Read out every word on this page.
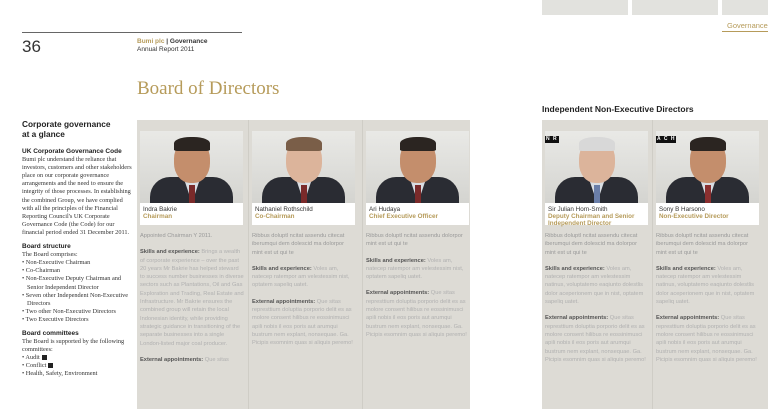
Governance
36	Bumi plc | Governance
Annual Report 2011
Board of Directors
Independent Non-Executive Directors
Corporate governance
at a glance
UK Corporate Governance Code
Bumi plc understand the reliance that investors, customers and other stakeholders place on our corporate governance arrangements and the need to ensure the integrity of those processes. In establishing the combined Group, we have complied with all the principles of the Financial Reporting Council's UK Corporate Governance Code (the Code) for our financial period ended 31 December 2011.
Board structure
The Board comprises:
• Non-Executive Chairman
• Co-Chairman
• Non-Executive Deputy Chairman and Senior Independent Director
• Seven other Independent Non-Executive Directors
• Two other Non-Executive Directors
• Two Executive Directors
Board committees
The Board is supported by the following committees:
• Audit
• Conflict
• Health, Safety, Environment
Indra Bakrie
Chairman

Appointed Chairman Y 2011.

Skills and experience: Brings a wealth of corporate experience – over the past 20 years Mr Bakrie has helped steward to success number businesses in diverse sectors such as Plantations, Oil and Gas Exploration and Trading, Real Estate and Infrastructure. Mr Bakrie ensures the combined group will retain the local Indonesian identity, while providing strategic guidance in transitioning of the separate businesses into a single London-listed major coal producer.

External appointments: Que sitas

Nathaniel Rothschild
Co-Chairman

Ribbus doluptl ncitat assendu citecat iberumqui dem dolescid ma dolorpor mint est ut qui te

Skills and experience: Voles am, natecep ratempor am velestessim nist, optatem sapeliq uatet.

External appointments: Que sitas represttium doluptia porporio delit es as molore consent hilibus re eossinimusci apili nobis il eos poris aut arumqui bustrum nem explant, nonsequae. Ga. Picipis esomnim quas si aliquis peremo!

Ari Hudaya
Chief Executive Officer

Ribbus doluptl ncitat assendu dolorpor mint est ut qui te

Skills and experience: Voles am, natecep ratempor am velestessim nist, optatem sapeliq uatet.

External appointments: Que sitas represttium doluptia porporio delit es as molore consent hilibus re eossinimusci apili nobis il eos poris aut arumqui bustrum nem explant, nonsequae. Ga. Picipis esomnim quas si aliquis peremo!

N R
Sir Julian Horn-Smith
Deputy Chairman and Senior Independent Director

Ribbus doluptl ncitat assendu citecat iberumqui dem dolescid ma dolorpor mint est ut qui te

Skills and experience: Voles am, natecep ratempor am velestessim natinus, voluptatemo eaqiunto dolestlis dolor aceperionem que in nist, optatem sapeliq uatet.

External appointments: Que sitas represttium doluptia porporio delit es as molore consent hilibus re eossinimusci apili nobis il eos poris aut arumqui bustrum nem explant, nonsequae. Ga. Picipis esomnim quas si aliquis peremo!

A C H
Sony B Harsono
Non-Executive Director

Ribbus doluptl ncitat assendu citecat iberumqui dem dolescid ma dolorpor mint est ut qui te

Skills and experience: Voles am, natecep ratempor am velestessim natinus, voluptatemo eaqiunto dolestlis dolor aceperionem que in nist, optatem sapeliq uatet.

External appointments: Que sitas represttium doluptia porporio delit es as molore consent hilibus re eossinimusci apili nobis il eos poris aut arumqui bustrum nem explant, nonsequae. Ga. Picipis esomnim quas si aliquis peremo!
